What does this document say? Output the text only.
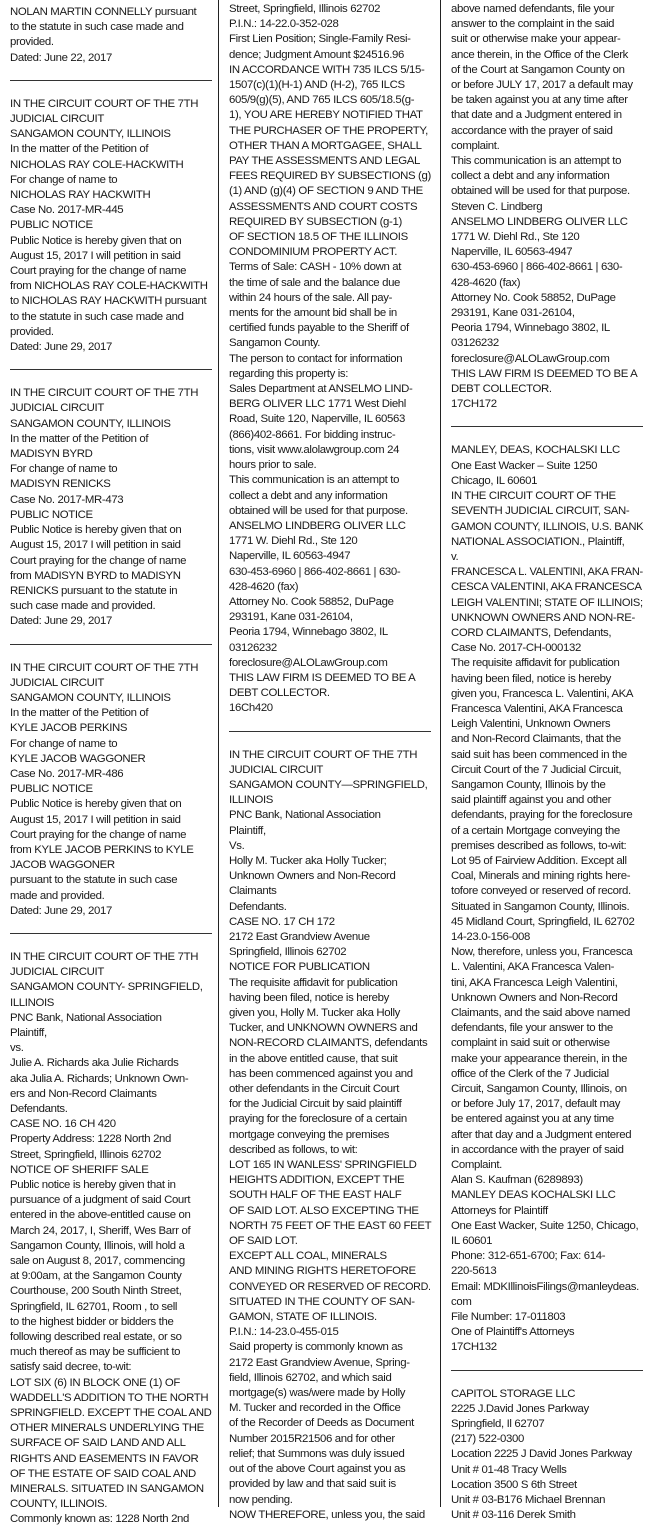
NOLAN MARTIN CONNELLY pursuant
to the statute in such case made and
provided.
Dated: June 22, 2017
IN THE CIRCUIT COURT OF THE 7TH
JUDICIAL CIRCUIT
SANGAMON COUNTY, ILLINOIS
In the matter of the Petition of
NICHOLAS RAY COLE-HACKWITH
For change of name to
NICHOLAS RAY HACKWITH
Case No. 2017-MR-445
PUBLIC NOTICE
Public Notice is hereby given that on
August 15, 2017 I will petition in said
Court praying for the change of name
from NICHOLAS RAY COLE-HACKWITH
to NICHOLAS RAY HACKWITH pursuant
to the statute in such case made and
provided.
Dated: June 29, 2017
IN THE CIRCUIT COURT OF THE 7TH
JUDICIAL CIRCUIT
SANGAMON COUNTY, ILLINOIS
In the matter of the Petition of
MADISYN BYRD
For change of name to
MADISYN RENICKS
Case No. 2017-MR-473
PUBLIC NOTICE
Public Notice is hereby given that on
August 15, 2017 I will petition in said
Court praying for the change of name
from MADISYN BYRD to MADISYN
RENICKS pursuant to the statute in
such case made and provided.
Dated: June 29, 2017
IN THE CIRCUIT COURT OF THE 7TH
JUDICIAL CIRCUIT
SANGAMON COUNTY, ILLINOIS
In the matter of the Petition of
KYLE JACOB PERKINS
For change of name to
KYLE JACOB WAGGONER
Case No. 2017-MR-486
PUBLIC NOTICE
Public Notice is hereby given that on
August 15, 2017 I will petition in said
Court praying for the change of name
from KYLE JACOB PERKINS to KYLE
JACOB WAGGONER
pursuant to the statute in such case
made and provided.
Dated: June 29, 2017
IN THE CIRCUIT COURT OF THE 7TH
JUDICIAL CIRCUIT
SANGAMON COUNTY- SPRINGFIELD,
ILLINOIS
PNC Bank, National Association
Plaintiff,
vs.
Julie A. Richards aka Julie Richards
aka Julia A. Richards; Unknown Own-
ers and Non-Record Claimants
Defendants.
CASE NO. 16 CH 420
Property Address: 1228 North 2nd
Street, Springfield, Illinois 62702
NOTICE OF SHERIFF SALE
Public notice is hereby given that in
pursuance of a judgment of said Court
entered in the above-entitled cause on
March 24, 2017, I, Sheriff, Wes Barr of
Sangamon County, Illinois, will hold a
sale on August 8, 2017, commencing
at 9:00am, at the Sangamon County
Courthouse, 200 South Ninth Street,
Springfield, IL 62701, Room , to sell
to the highest bidder or bidders the
following described real estate, or so
much thereof as may be sufficient to
satisfy said decree, to-wit:
LOT SIX (6) IN BLOCK ONE (1) OF
WADDELL'S ADDITION TO THE NORTH
SPRINGFIELD. EXCEPT THE COAL AND
OTHER MINERALS UNDERLYING THE
SURFACE OF SAID LAND AND ALL
RIGHTS AND EASEMENTS IN FAVOR
OF THE ESTATE OF SAID COAL AND
MINERALS. SITUATED IN SANGAMON
COUNTY, ILLINOIS.
Commonly known as: 1228 North 2nd
Street, Springfield, Illinois 62702
P.I.N.: 14-22.0-352-028
First Lien Position; Single-Family Resi-
dence; Judgment Amount $24516.96
IN ACCORDANCE WITH 735 ILCS 5/15-
1507(c)(1)(H-1) AND (H-2), 765 ILCS
605/9(g)(5), AND 765 ILCS 605/18.5(g-
1), YOU ARE HEREBY NOTIFIED THAT
THE PURCHASER OF THE PROPERTY,
OTHER THAN A MORTGAGEE, SHALL
PAY THE ASSESSMENTS AND LEGAL
FEES REQUIRED BY SUBSECTIONS (g)
(1) AND (g)(4) OF SECTION 9 AND THE
ASSESSMENTS AND COURT COSTS
REQUIRED BY SUBSECTION (g-1)
OF SECTION 18.5 OF THE ILLINOIS
CONDOMINIUM PROPERTY ACT.
Terms of Sale: CASH - 10% down at
the time of sale and the balance due
within 24 hours of the sale. All pay-
ments for the amount bid shall be in
certified funds payable to the Sheriff of
Sangamon County.
The person to contact for information
regarding this property is:
Sales Department at ANSELMO LIND-
BERG OLIVER LLC 1771 West Diehl
Road, Suite 120, Naperville, IL 60563
(866)402-8661. For bidding instruc-
tions, visit www.alolawgroup.com 24
hours prior to sale.
This communication is an attempt to
collect a debt and any information
obtained will be used for that purpose.
ANSELMO LINDBERG OLIVER LLC
1771 W. Diehl Rd., Ste 120
Naperville, IL 60563-4947
630-453-6960 | 866-402-8661 | 630-
428-4620 (fax)
Attorney No. Cook 58852, DuPage
293191, Kane 031-26104,
Peoria 1794, Winnebago 3802, IL
03126232
foreclosure@ALOLawGroup.com
THIS LAW FIRM IS DEEMED TO BE A
DEBT COLLECTOR.
16Ch420
IN THE CIRCUIT COURT OF THE 7TH
JUDICIAL CIRCUIT
SANGAMON COUNTY—SPRINGFIELD,
ILLINOIS
PNC Bank, National Association
Plaintiff,
Vs.
Holly M. Tucker aka Holly Tucker;
Unknown Owners and Non-Record
Claimants
Defendants.
CASE NO. 17 CH 172
2172 East Grandview Avenue
Springfield, Illinois 62702
NOTICE FOR PUBLICATION
The requisite affidavit for publication
having been filed, notice is hereby
given you, Holly M. Tucker aka Holly
Tucker, and UNKNOWN OWNERS and
NON-RECORD CLAIMANTS, defendants
in the above entitled cause, that suit
has been commenced against you and
other defendants in the Circuit Court
for the Judicial Circuit by said plaintiff
praying for the foreclosure of a certain
mortgage conveying the premises
described as follows, to wit:
LOT 165 IN WANLESS' SPRINGFIELD
HEIGHTS ADDITION, EXCEPT THE
SOUTH HALF OF THE EAST HALF
OF SAID LOT. ALSO EXCEPTING THE
NORTH 75 FEET OF THE EAST 60 FEET
OF SAID LOT.
EXCEPT ALL COAL, MINERALS
AND MINING RIGHTS HERETOFORE
CONVEYED OR RESERVED OF RECORD.
SITUATED IN THE COUNTY OF SAN-
GAMON, STATE OF ILLINOIS.
P.I.N.: 14-23.0-455-015
Said property is commonly known as
2172 East Grandview Avenue, Spring-
field, Illinois 62702, and which said
mortgage(s) was/were made by Holly
M. Tucker and recorded in the Office
of the Recorder of Deeds as Document
Number 2015R21506 and for other
relief; that Summons was duly issued
out of the above Court against you as
provided by law and that said suit is
now pending.
NOW THEREFORE, unless you, the said
above named defendants, file your
answer to the complaint in the said
suit or otherwise make your appear-
ance therein, in the Office of the Clerk
of the Court at Sangamon County on
or before JULY 17, 2017 a default may
be taken against you at any time after
that date and a Judgment entered in
accordance with the prayer of said
complaint.
This communication is an attempt to
collect a debt and any information
obtained will be used for that purpose.
Steven C. Lindberg
ANSELMO LINDBERG OLIVER LLC
1771 W. Diehl Rd., Ste 120
Naperville, IL 60563-4947
630-453-6960 | 866-402-8661 | 630-
428-4620 (fax)
Attorney No. Cook 58852, DuPage
293191, Kane 031-26104,
Peoria 1794, Winnebago 3802, IL
03126232
foreclosure@ALOLawGroup.com
THIS LAW FIRM IS DEEMED TO BE A
DEBT COLLECTOR.
17CH172
MANLEY, DEAS, KOCHALSKI LLC
One East Wacker – Suite 1250
Chicago, IL 60601
IN THE CIRCUIT COURT OF THE
SEVENTH JUDICIAL CIRCUIT, SAN-
GAMON COUNTY, ILLINOIS, U.S. BANK
NATIONAL ASSOCIATION., Plaintiff,
v.
FRANCESCA L. VALENTINI, AKA FRAN-
CESCA VALENTINI, AKA FRANCESCA
LEIGH VALENTINI; STATE OF ILLINOIS;
UNKNOWN OWNERS AND NON-RE-
CORD CLAIMANTS, Defendants,
Case No. 2017-CH-000132
The requisite affidavit for publication
having been filed, notice is hereby
given you, Francesca L. Valentini, AKA
Francesca Valentini, AKA Francesca
Leigh Valentini, Unknown Owners
and Non-Record Claimants, that the
said suit has been commenced in the
Circuit Court of the 7 Judicial Circuit,
Sangamon County, Illinois by the
said plaintiff against you and other
defendants, praying for the foreclosure
of a certain Mortgage conveying the
premises described as follows, to-wit:
Lot 95 of Fairview Addition. Except all
Coal, Minerals and mining rights here-
tofore conveyed or reserved of record.
Situated in Sangamon County, Illinois.
45 Midland Court, Springfield, IL 62702
14-23.0-156-008
Now, therefore, unless you, Francesca
L. Valentini, AKA Francesca Valen-
tini, AKA Francesca Leigh Valentini,
Unknown Owners and Non-Record
Claimants, and the said above named
defendants, file your answer to the
complaint in said suit or otherwise
make your appearance therein, in the
office of the Clerk of the 7 Judicial
Circuit, Sangamon County, Illinois, on
or before July 17, 2017, default may
be entered against you at any time
after that day and a Judgment entered
in accordance with the prayer of said
Complaint.
Alan S. Kaufman (6289893)
MANLEY DEAS KOCHALSKI LLC
Attorneys for Plaintiff
One East Wacker, Suite 1250, Chicago,
IL 60601
Phone: 312-651-6700; Fax: 614-
220-5613
Email: MDKIllinoisFilings@manleydeas.
com
File Number: 17-011803
One of Plaintiff's Attorneys
17CH132
CAPITOL STORAGE LLC
2225 J.David Jones Parkway
Springfield, Il 62707
(217) 522-0300
Location 2225 J David Jones Parkway
Unit # 01-48 Tracy Wells
Location 3500 S 6th Street
Unit # 03-B176 Michael Brennan
Unit # 03-116 Derek Smith
